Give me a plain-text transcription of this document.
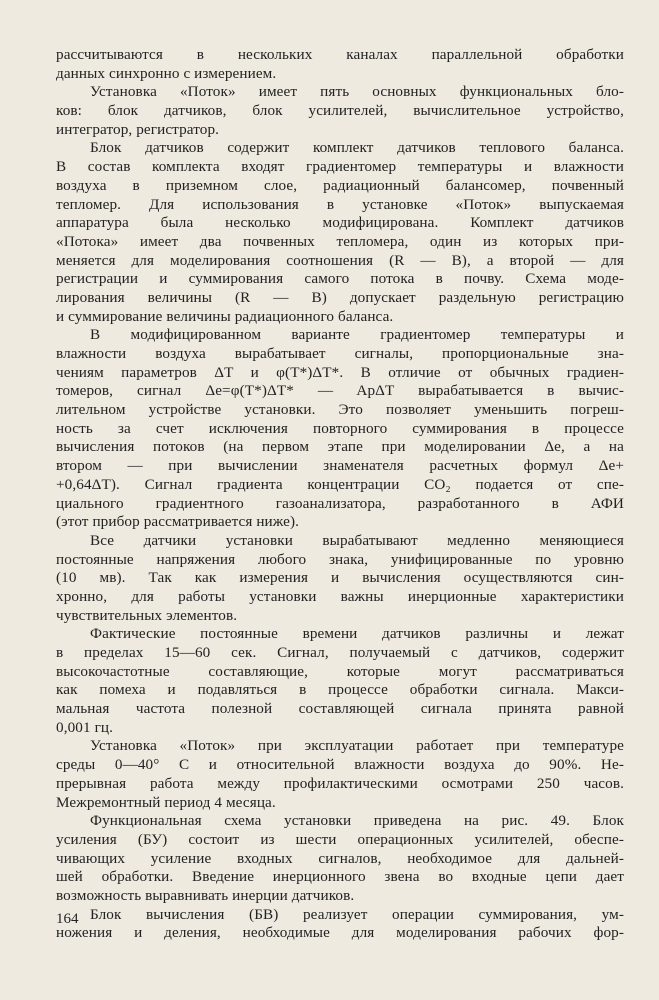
рассчитываются в нескольких каналах параллельной обработки
данных синхронно с измерением.
Установка «Поток» имеет пять основных функциональных бло-
ков: блок датчиков, блок усилителей, вычислительное устройство,
интегратор, регистратор.
Блок датчиков содержит комплект датчиков теплового баланса.
В состав комплекта входят градиентомер температуры и влажности
воздуха в приземном слое, радиационный балансомер, почвенный
тепломер. Для использования в установке «Поток» выпускаемая
аппаратура была несколько модифицирована. Комплект датчиков
«Потока» имеет два почвенных тепломера, один из которых при-
меняется для моделирования соотношения (R — B), а второй — для
регистрации и суммирования самого потока в почву. Схема моде-
лирования величины (R — B) допускает раздельную регистрацию
и суммирование величины радиационного баланса.
В модифицированном варианте градиентомер температуры и
влажности воздуха вырабатывает сигналы, пропорциональные зна-
чениям параметров ΔT и φ(T*)ΔT*. В отличие от обычных градиен-
томеров, сигнал Δe=φ(T*)ΔT* — ApΔT вырабатывается в вычис-
лительном устройстве установки. Это позволяет уменьшить погреш-
ность за счет исключения повторного суммирования в процессе
вычисления потоков (на первом этапе при моделировании Δe, а на
втором — при вычислении знаменателя расчетных формул Δe+
+0,64ΔT). Сигнал градиента концентрации CO₂ подается от спе-
циального градиентного газоанализатора, разработанного в АФИ
(этот прибор рассматривается ниже).
Все датчики установки вырабатывают медленно меняющиеся
постоянные напряжения любого знака, унифицированные по уровню
(10 мв). Так как измерения и вычисления осуществляются син-
хронно, для работы установки важны инерционные характеристики
чувствительных элементов.
Фактические постоянные времени датчиков различны и лежат
в пределах 15—60 сек. Сигнал, получаемый с датчиков, содержит
высокочастотные составляющие, которые могут рассматриваться
как помеха и подавляться в процессе обработки сигнала. Макси-
мальная частота полезной составляющей сигнала принята равной
0,001 гц.
Установка «Поток» при эксплуатации работает при температуре
среды 0—40° C и относительной влажности воздуха до 90%. Не-
прерывная работа между профилактическими осмотрами 250 часов.
Межремонтный период 4 месяца.
Функциональная схема установки приведена на рис. 49. Блок
усиления (БУ) состоит из шести операционных усилителей, обеспе-
чивающих усиление входных сигналов, необходимое для дальней-
шей обработки. Введение инерционного звена во входные цепи дает
возможность выравнивать инерции датчиков.
Блок вычисления (БВ) реализует операции суммирования, ум-
ножения и деления, необходимые для моделирования рабочих фор-
164
